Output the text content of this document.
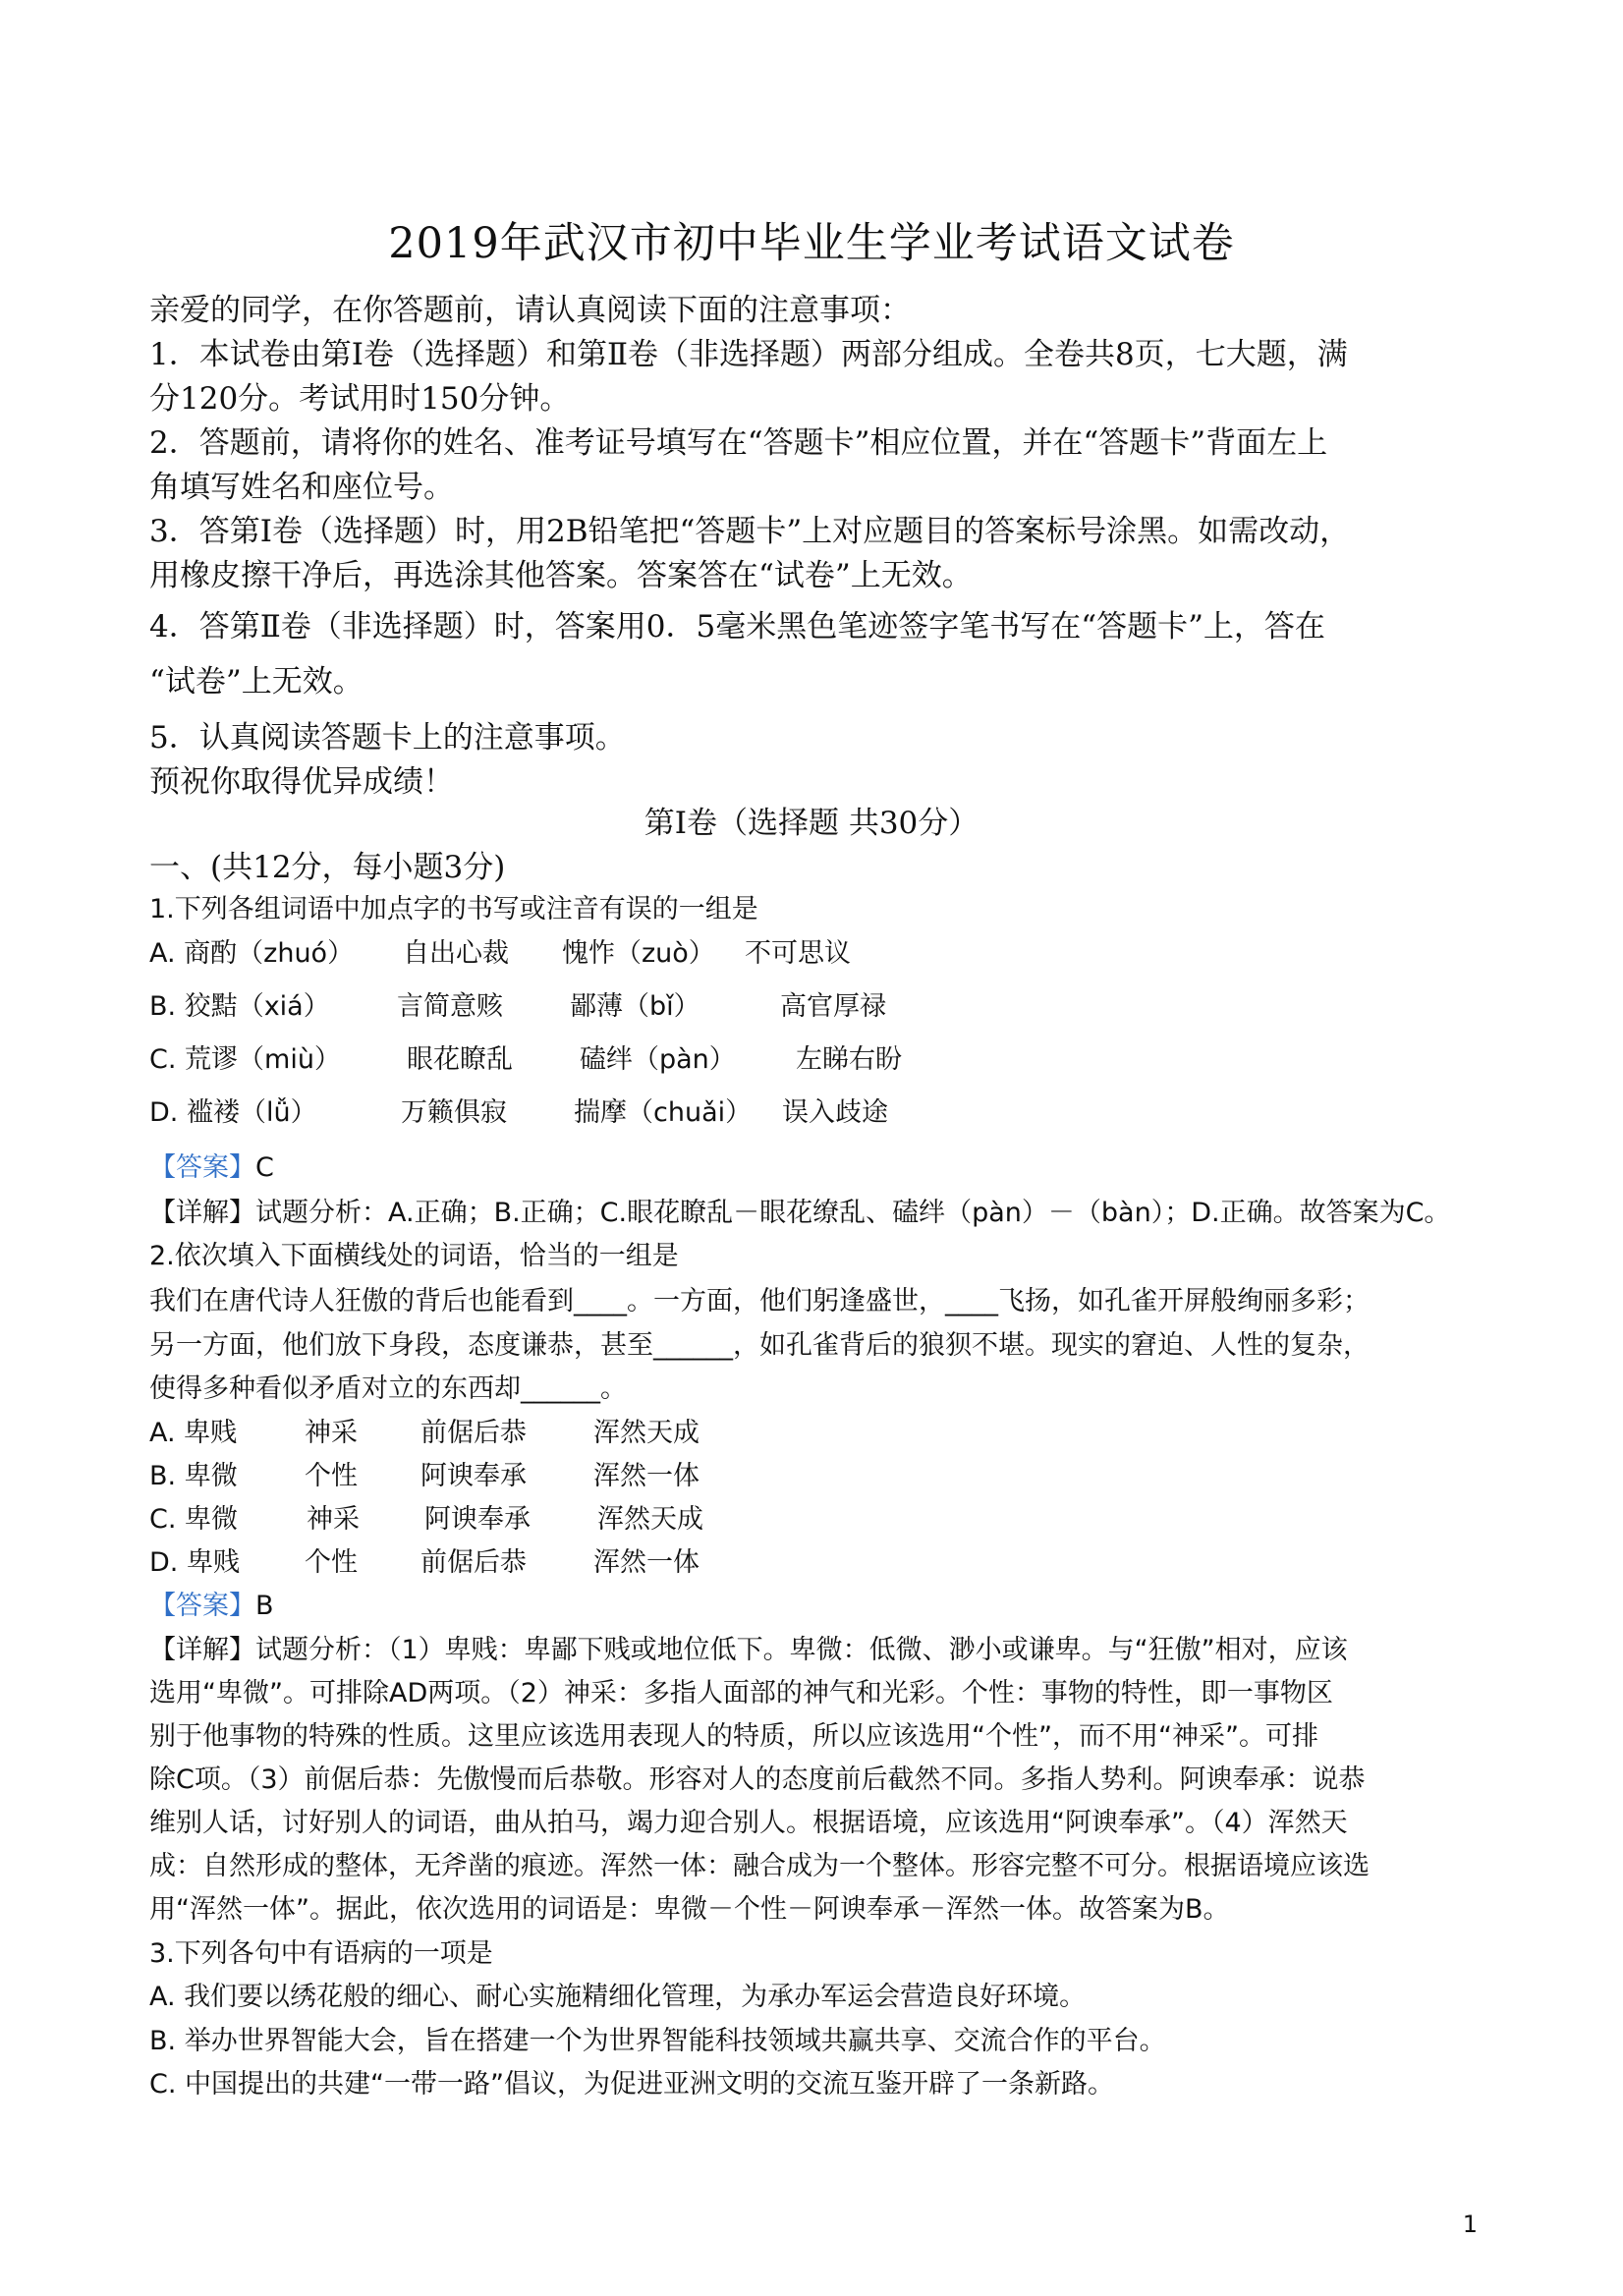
2019年武汉市初中毕业生学业考试语文试卷
亲爱的同学，在你答题前，请认真阅读下面的注意事项：
1．本试卷由第Ⅰ卷（选择题）和第Ⅱ卷（非选择题）两部分组成。全卷共8页，七大题，满
分120分。考试用时150分钟。
2．答题前，请将你的姓名、准考证号填写在“答题卡”相应位置，并在“答题卡”背面左上
角填写姓名和座位号。
3．答第Ⅰ卷（选择题）时，用2B铅笔把“答题卡”上对应题目的答案标号涂黑。如需改动，
用橡皮擦干净后，再选涂其他答案。答案答在“试卷”上无效。
4．答第Ⅱ卷（非选择题）时，答案用0．5毫米黑色笔迹签字笔书写在“答题卡”上，答在
“试卷”上无效。
5．认真阅读答题卡上的注意事项。
预祝你取得优异成绩！
第Ⅰ卷（选择题 共30分）
一、(共12分，每小题3分)
1.下列各组词语中加点字的书写或注音有误的一组是
A. 商酌（zhuó） 自出心裁 愧怍（zuò） 不可思议
B. 狡黠（xiá）	言简意赅	鄙薄（bǐ）	高官厚禄
C. 荒谬（miù） 眼花瞭乱	磕绊（pàn） 左睇右盼
D. 褴褛（lǚ）	万籁俱寂	揣摩（chuǎi） 误入歧途
【答案】C
【详解】试题分析：A.正确；B.正确；C.眼花瞭乱－眼花缭乱、磕绊（pàn）－（bàn）；D.正确。故答案为C。
2.依次填入下面横线处的词语，恰当的一组是
我们在唐代诗人狂傲的背后也能看到____。一方面，他们躬逢盛世，____飞扬，如孔雀开屏般绚丽多彩；
另一方面，他们放下身段，态度谦恭，甚至______，如孔雀背后的狼狈不堪。现实的窘迫、人性的复杂，
使得多种看似矛盾对立的东西却______。
A. 卑贱	神采 前倨后恭	浑然天成
B. 卑微	个性 阿谀奉承	浑然一体
C. 卑微	神采 阿谀奉承	浑然天成
D. 卑贱 个性 前倨后恭	浑然一体
【答案】B
【详解】试题分析：（1）卑贱：卑鄙下贱或地位低下。卑微：低微、渺小或谦卑。与“狂傲”相对，应该
选用“卑微”。可排除AD两项。（2）神采：多指人面部的神气和光彩。个性：事物的特性，即一事物区
别于他事物的特殊的性质。这里应该选用表现人的特质，所以应该选用“个性”，而不用“神采”。可排
除C项。（3）前倨后恭：先傲慢而后恭敬。形容对人的态度前后截然不同。多指人势利。阿谀奉承：说恭
维别人话，讨好别人的词语，曲从拍马，竭力迎合别人。根据语境，应该选用“阿谀奉承”。（4）浑然天
成：自然形成的整体，无斧凿的痕迹。浑然一体：融合成为一个整体。形容完整不可分。根据语境应该选
用“浑然一体”。据此，依次选用的词语是：卑微－个性－阿谀奉承－浑然一体。故答案为B。
3.下列各句中有语病的一项是
A. 我们要以绣花般的细心、耐心实施精细化管理，为承办军运会营造良好环境。
B. 举办世界智能大会，旨在搭建一个为世界智能科技领域共赢共享、交流合作的平台。
C. 中国提出的共建“一带一路”倡议，为促进亚洲文明的交流互鉴开辟了一条新路。
1
